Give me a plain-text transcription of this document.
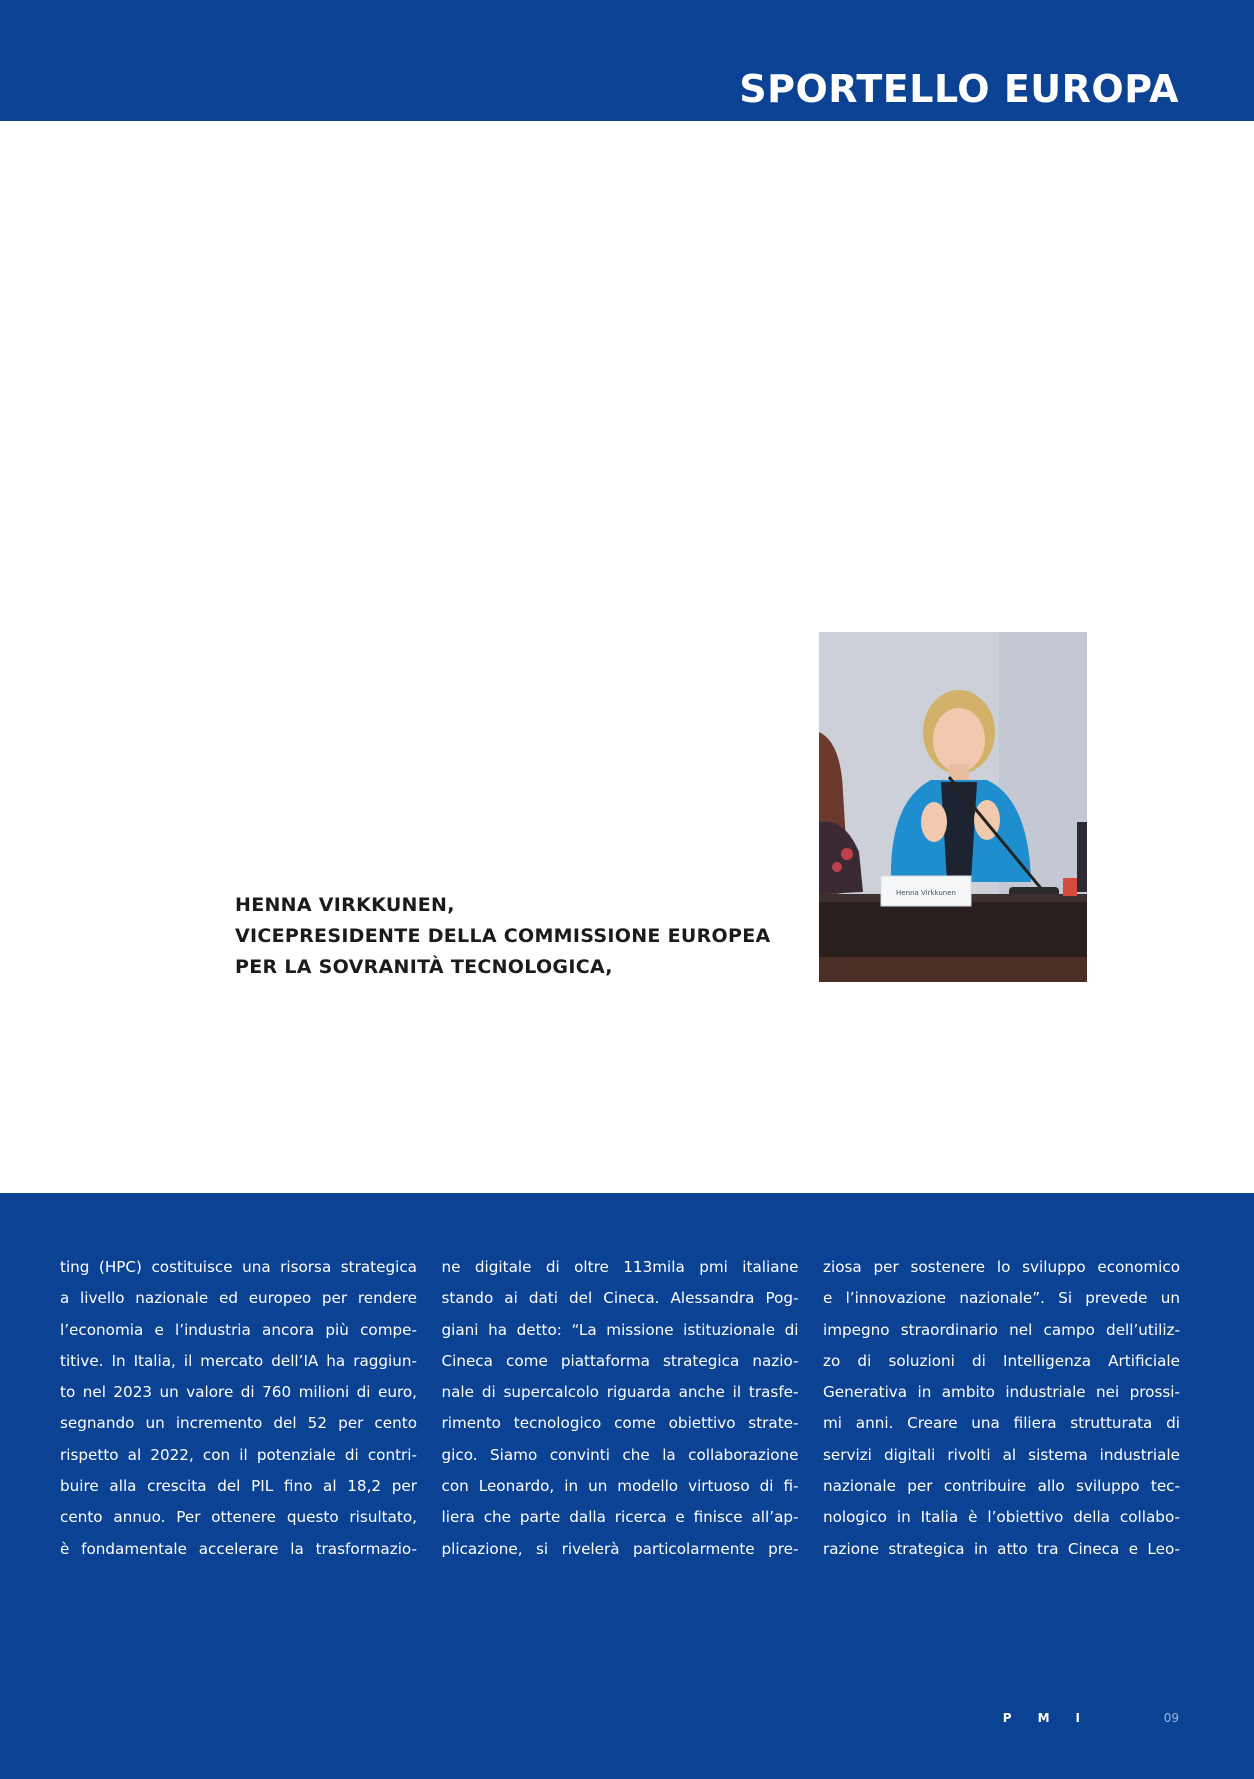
SPORTELLO EUROPA
HENNA VIRKKUNEN,
VICEPRESIDENTE DELLA COMMISSIONE EUROPEA
PER LA SOVRANITÀ TECNOLOGICA,
Henna Virkkunen
ting (HPC) costituisce una risorsa strategica
a livello nazionale ed europeo per rendere
l’economia e l’industria ancora più compe-
titive. In Italia, il mercato dell’IA ha raggiun-
to nel 2023 un valore di 760 milioni di euro,
segnando un incremento del 52 per cento
rispetto al 2022, con il potenziale di contri-
buire alla crescita del PIL fino al 18,2 per
cento annuo. Per ottenere questo risultato,
è fondamentale accelerare la trasformazio-
ne digitale di oltre 113mila pmi italiane
stando ai dati del Cineca. Alessandra Pog-
giani ha detto: “La missione istituzionale di
Cineca come piattaforma strategica nazio-
nale di supercalcolo riguarda anche il trasfe-
rimento tecnologico come obiettivo strate-
gico. Siamo convinti che la collaborazione
con Leonardo, in un modello virtuoso di fi-
liera che parte dalla ricerca e finisce all’ap-
plicazione, si rivelerà particolarmente pre-
ziosa per sostenere lo sviluppo economico
e l’innovazione nazionale”. Si prevede un
impegno straordinario nel campo dell’utiliz-
zo di soluzioni di Intelligenza Artificiale
Generativa in ambito industriale nei prossi-
mi anni. Creare una filiera strutturata di
servizi digitali rivolti al sistema industriale
nazionale per contribuire allo sviluppo tec-
nologico in Italia è l’obiettivo della collabo-
razione strategica in atto tra Cineca e Leo-
PMI	09
